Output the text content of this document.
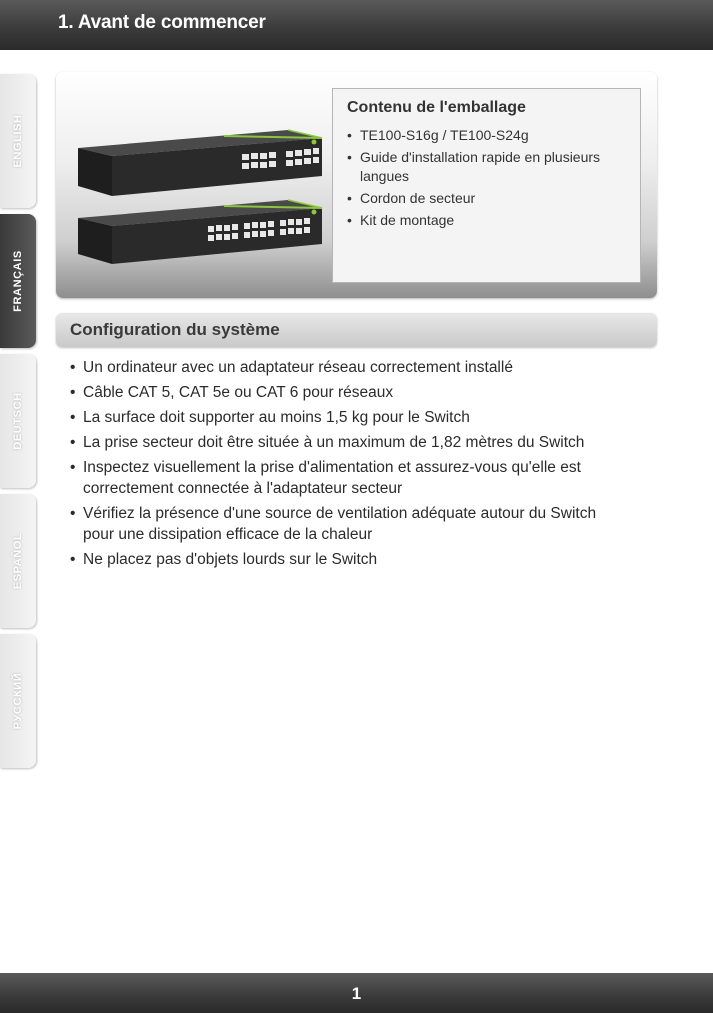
1. Avant de commencer
ENGLISH
FRANÇAIS
DEUTSCH
ESPAÑOL
РУССКИЙ
Contenu de l'emballage
• TE100-S16g / TE100-S24g
• Guide d'installation rapide en plusieurs langues
• Cordon de secteur
• Kit de montage
Configuration du système
• Un ordinateur avec un adaptateur réseau correctement installé
• Câble CAT 5, CAT 5e ou CAT 6 pour réseaux
• La surface doit supporter au moins 1,5 kg pour le Switch
• La prise secteur doit être située à un maximum de 1,82 mètres du Switch
• Inspectez visuellement la prise d'alimentation et assurez-vous qu'elle est correctement connectée à l'adaptateur secteur
• Vérifiez la présence d'une source de ventilation adéquate autour du Switch pour une dissipation efficace de la chaleur
• Ne placez pas d'objets lourds sur le Switch
1
